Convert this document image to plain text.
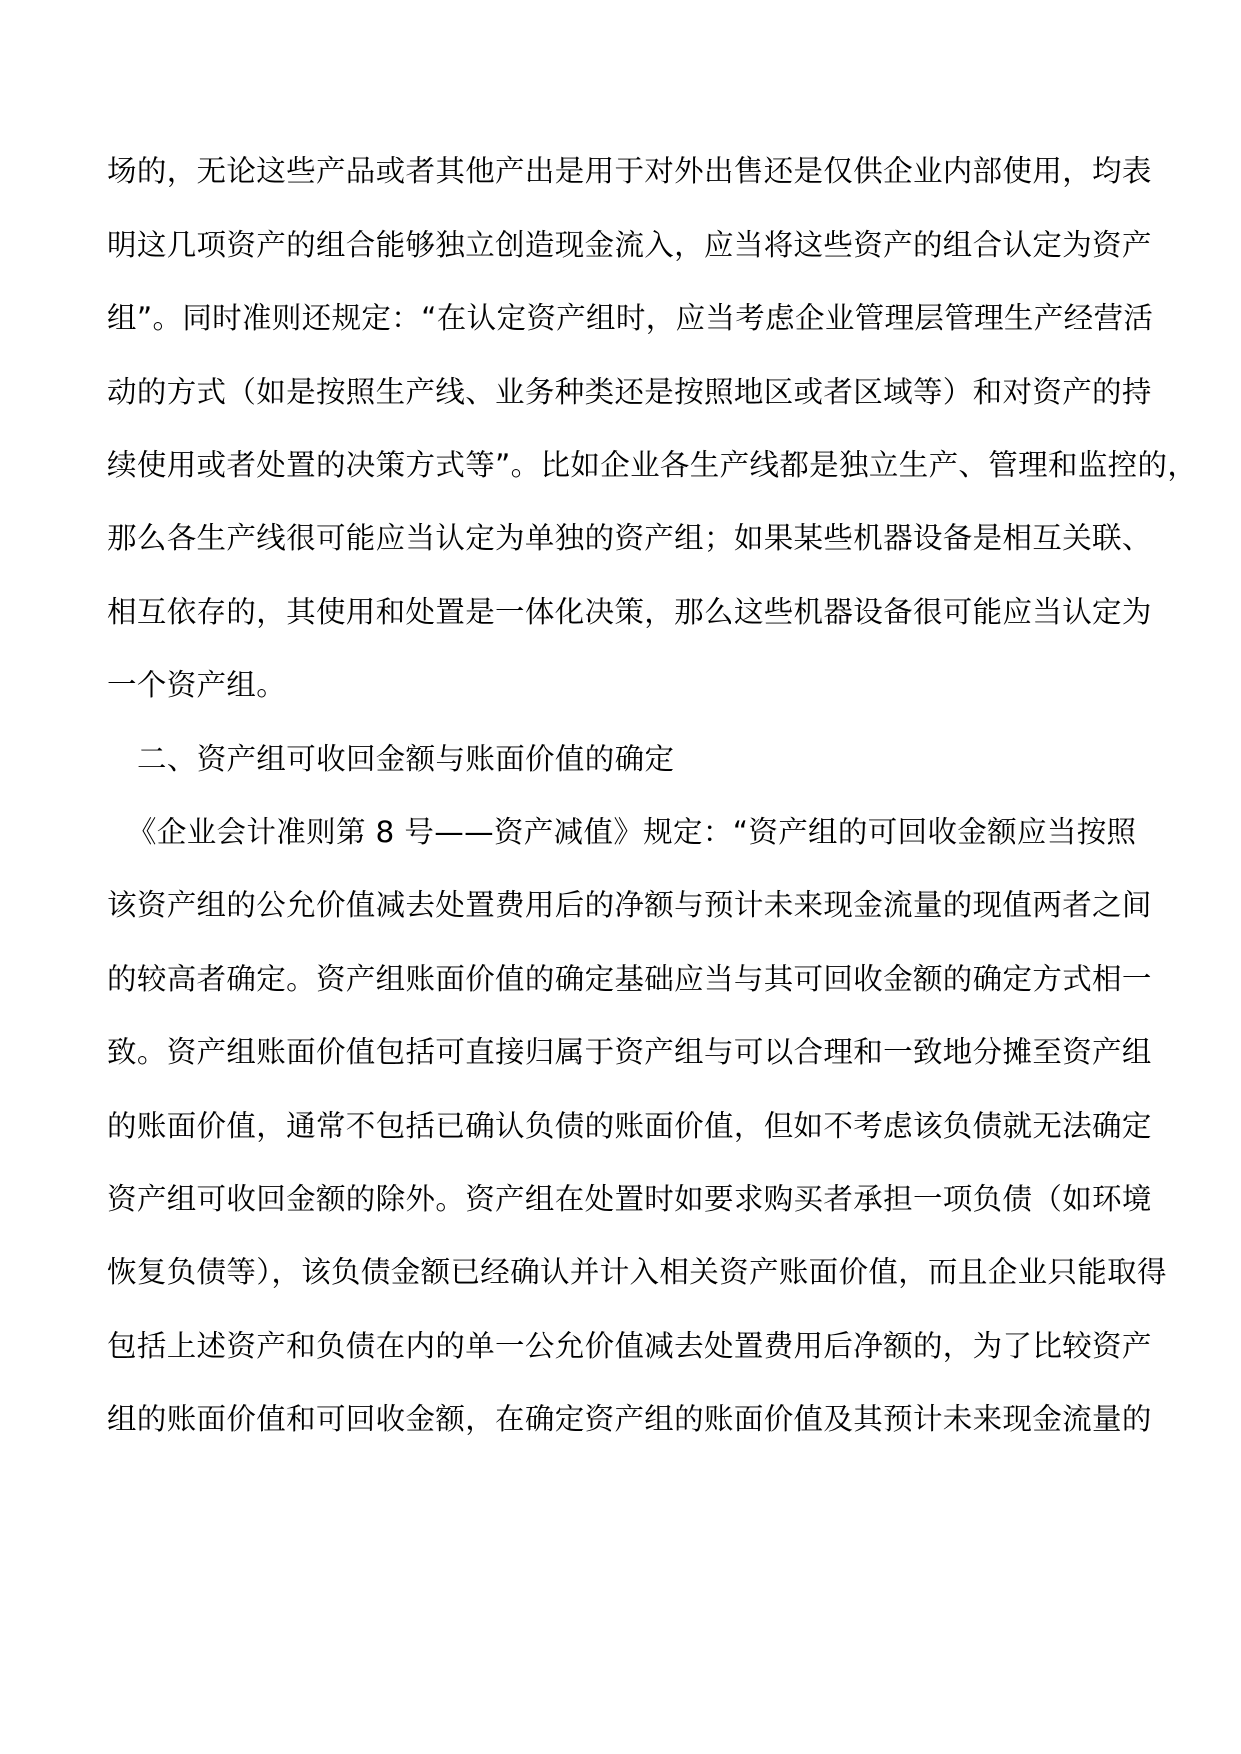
场的，无论这些产品或者其他产出是用于对外出售还是仅供企业内部使用，均表
明这几项资产的组合能够独立创造现金流入，应当将这些资产的组合认定为资产
组”。同时准则还规定：“在认定资产组时，应当考虑企业管理层管理生产经营活
动的方式（如是按照生产线、业务种类还是按照地区或者区域等）和对资产的持
续使用或者处置的决策方式等”。比如企业各生产线都是独立生产、管理和监控的，
那么各生产线很可能应当认定为单独的资产组；如果某些机器设备是相互关联、
相互依存的，其使用和处置是一体化决策，那么这些机器设备很可能应当认定为
一个资产组。
二、资产组可收回金额与账面价值的确定
《企业会计准则第 8 号——资产减值》规定：“资产组的可回收金额应当按照
该资产组的公允价值减去处置费用后的净额与预计未来现金流量的现值两者之间
的较高者确定。资产组账面价值的确定基础应当与其可回收金额的确定方式相一
致。资产组账面价值包括可直接归属于资产组与可以合理和一致地分摊至资产组
的账面价值，通常不包括已确认负债的账面价值，但如不考虑该负债就无法确定
资产组可收回金额的除外。资产组在处置时如要求购买者承担一项负债（如环境
恢复负债等），该负债金额已经确认并计入相关资产账面价值，而且企业只能取得
包括上述资产和负债在内的单一公允价值减去处置费用后净额的，为了比较资产
组的账面价值和可回收金额，在确定资产组的账面价值及其预计未来现金流量的
